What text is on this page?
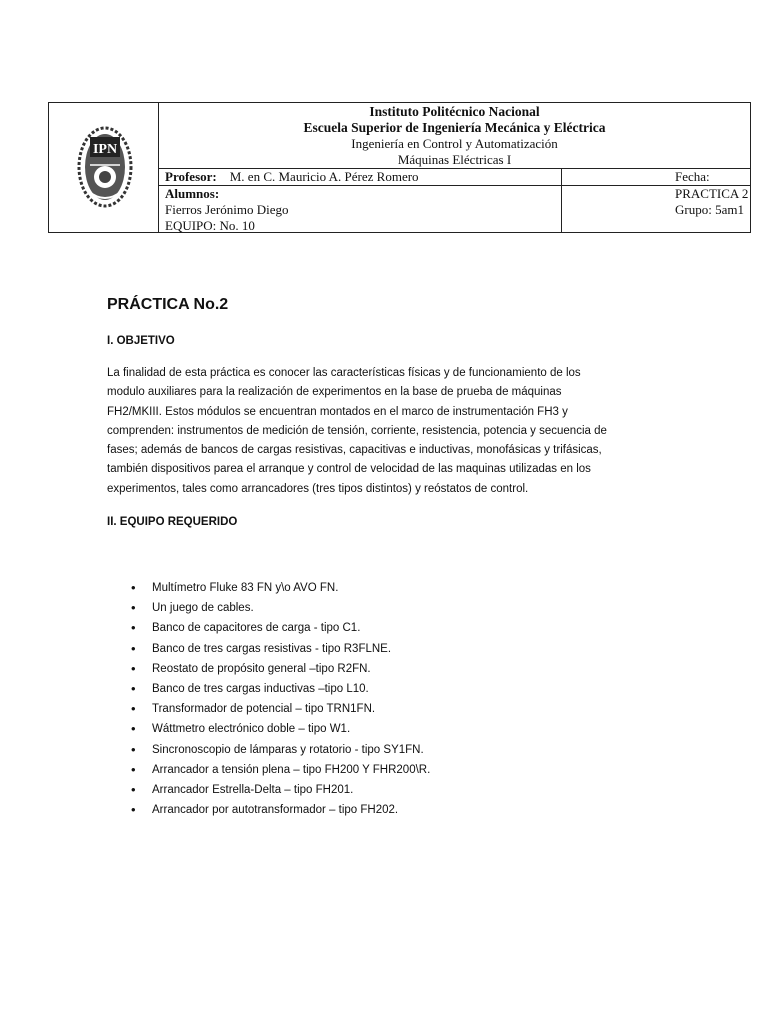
IPN
Instituto Politécnico Nacional
Escuela Superior de Ingeniería Mecánica y Eléctrica
Ingeniería en Control y Automatización
Máquinas Eléctricas I
Profesor: M. en C. Mauricio A. Pérez Romero	Fecha:
Alumnos:
Fierros Jerónimo Diego
EQUIPO: No. 10
PRACTICA 2
Grupo: 5am1
PRÁCTICA No.2
I. OBJETIVO

La finalidad de esta práctica es conocer las características físicas y de funcionamiento de los

modulo auxiliares para la realización de experimentos en la base de prueba de máquinas

FH2/MKIII. Estos módulos se encuentran montados en el marco de instrumentación FH3 y

comprenden: instrumentos de medición de tensión, corriente, resistencia, potencia y secuencia de

fases; además de bancos de cargas resistivas, capacitivas e inductivas, monofásicas y trifásicas,

también dispositivos parea el arranque y control de velocidad de las maquinas utilizadas en los

experimentos, tales como arrancadores (tres tipos distintos) y reóstatos de control.

II. EQUIPO REQUERIDO
• Multímetro Fluke 83 FN y\o AVO FN.
• Un juego de cables.
• Banco de capacitores de carga - tipo C1.
• Banco de tres cargas resistivas - tipo R3FLNE.
• Reostato de propósito general –tipo R2FN.
• Banco de tres cargas inductivas –tipo L10.
• Transformador de potencial – tipo TRN1FN.
• Wáttmetro electrónico doble – tipo W1.
• Sincronoscopio de lámparas y rotatorio - tipo SY1FN.
• Arrancador a tensión plena – tipo FH200 Y FHR200\R.
• Arrancador Estrella-Delta – tipo FH201.
• Arrancador por autotransformador – tipo FH202.
